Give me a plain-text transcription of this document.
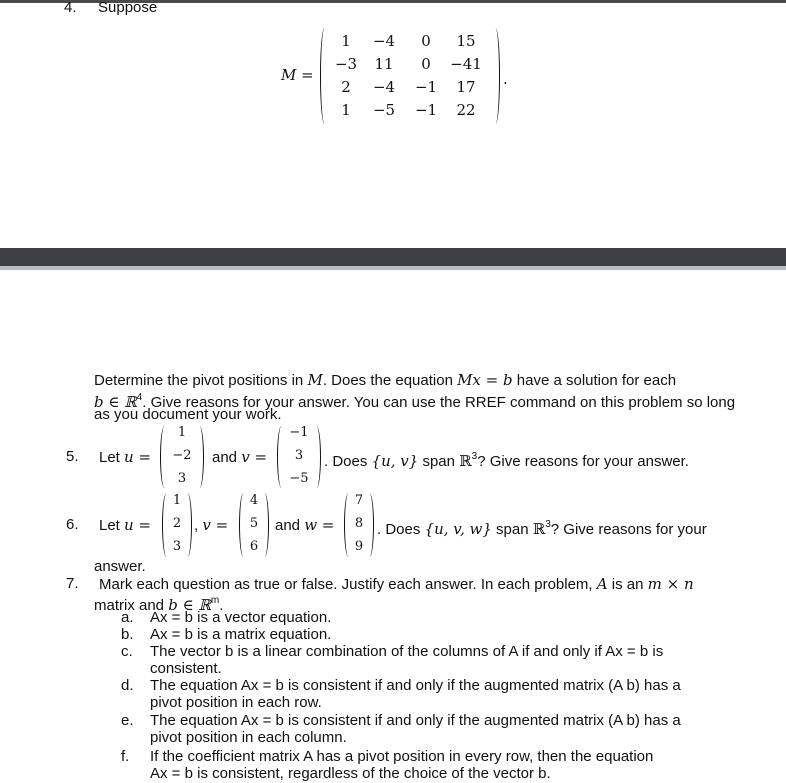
4. Suppose
M =
1	−4	0	15
−3	11	0	−41
2	−4	−1	17
1	−5	−1	22
.
Determine the pivot positions in M. Does the equation Mx = b have a solution for each
b ∈ ℝ$^4$. Give reasons for your answer. You can use the RREF command on this problem so long
as you document your work.
5. Let u =
1
−2
3
and v =
−1
3
−5
. Does {u, v} span ℝ$^3$? Give reasons for your answer.
6. Let u =
1
2
3
, v =
4
5
6
and w =
7
8
9
. Does {u, v, w} span ℝ$^3$? Give reasons for your
answer.
7. Mark each question as true or false. Justify each answer. In each problem, A is an m × n
matrix and b ∈ ℝ$^m$.
a. Ax = b is a vector equation.
b. Ax = b is a matrix equation.
c. The vector b is a linear combination of the columns of A if and only if Ax = b is
consistent.
d. The equation Ax = b is consistent if and only if the augmented matrix (A b) has a
pivot position in each row.
e. The equation Ax = b is consistent if and only if the augmented matrix (A b) has a
pivot position in each column.
f. If the coefficient matrix A has a pivot position in every row, then the equation
Ax = b is consistent, regardless of the choice of the vector b.
